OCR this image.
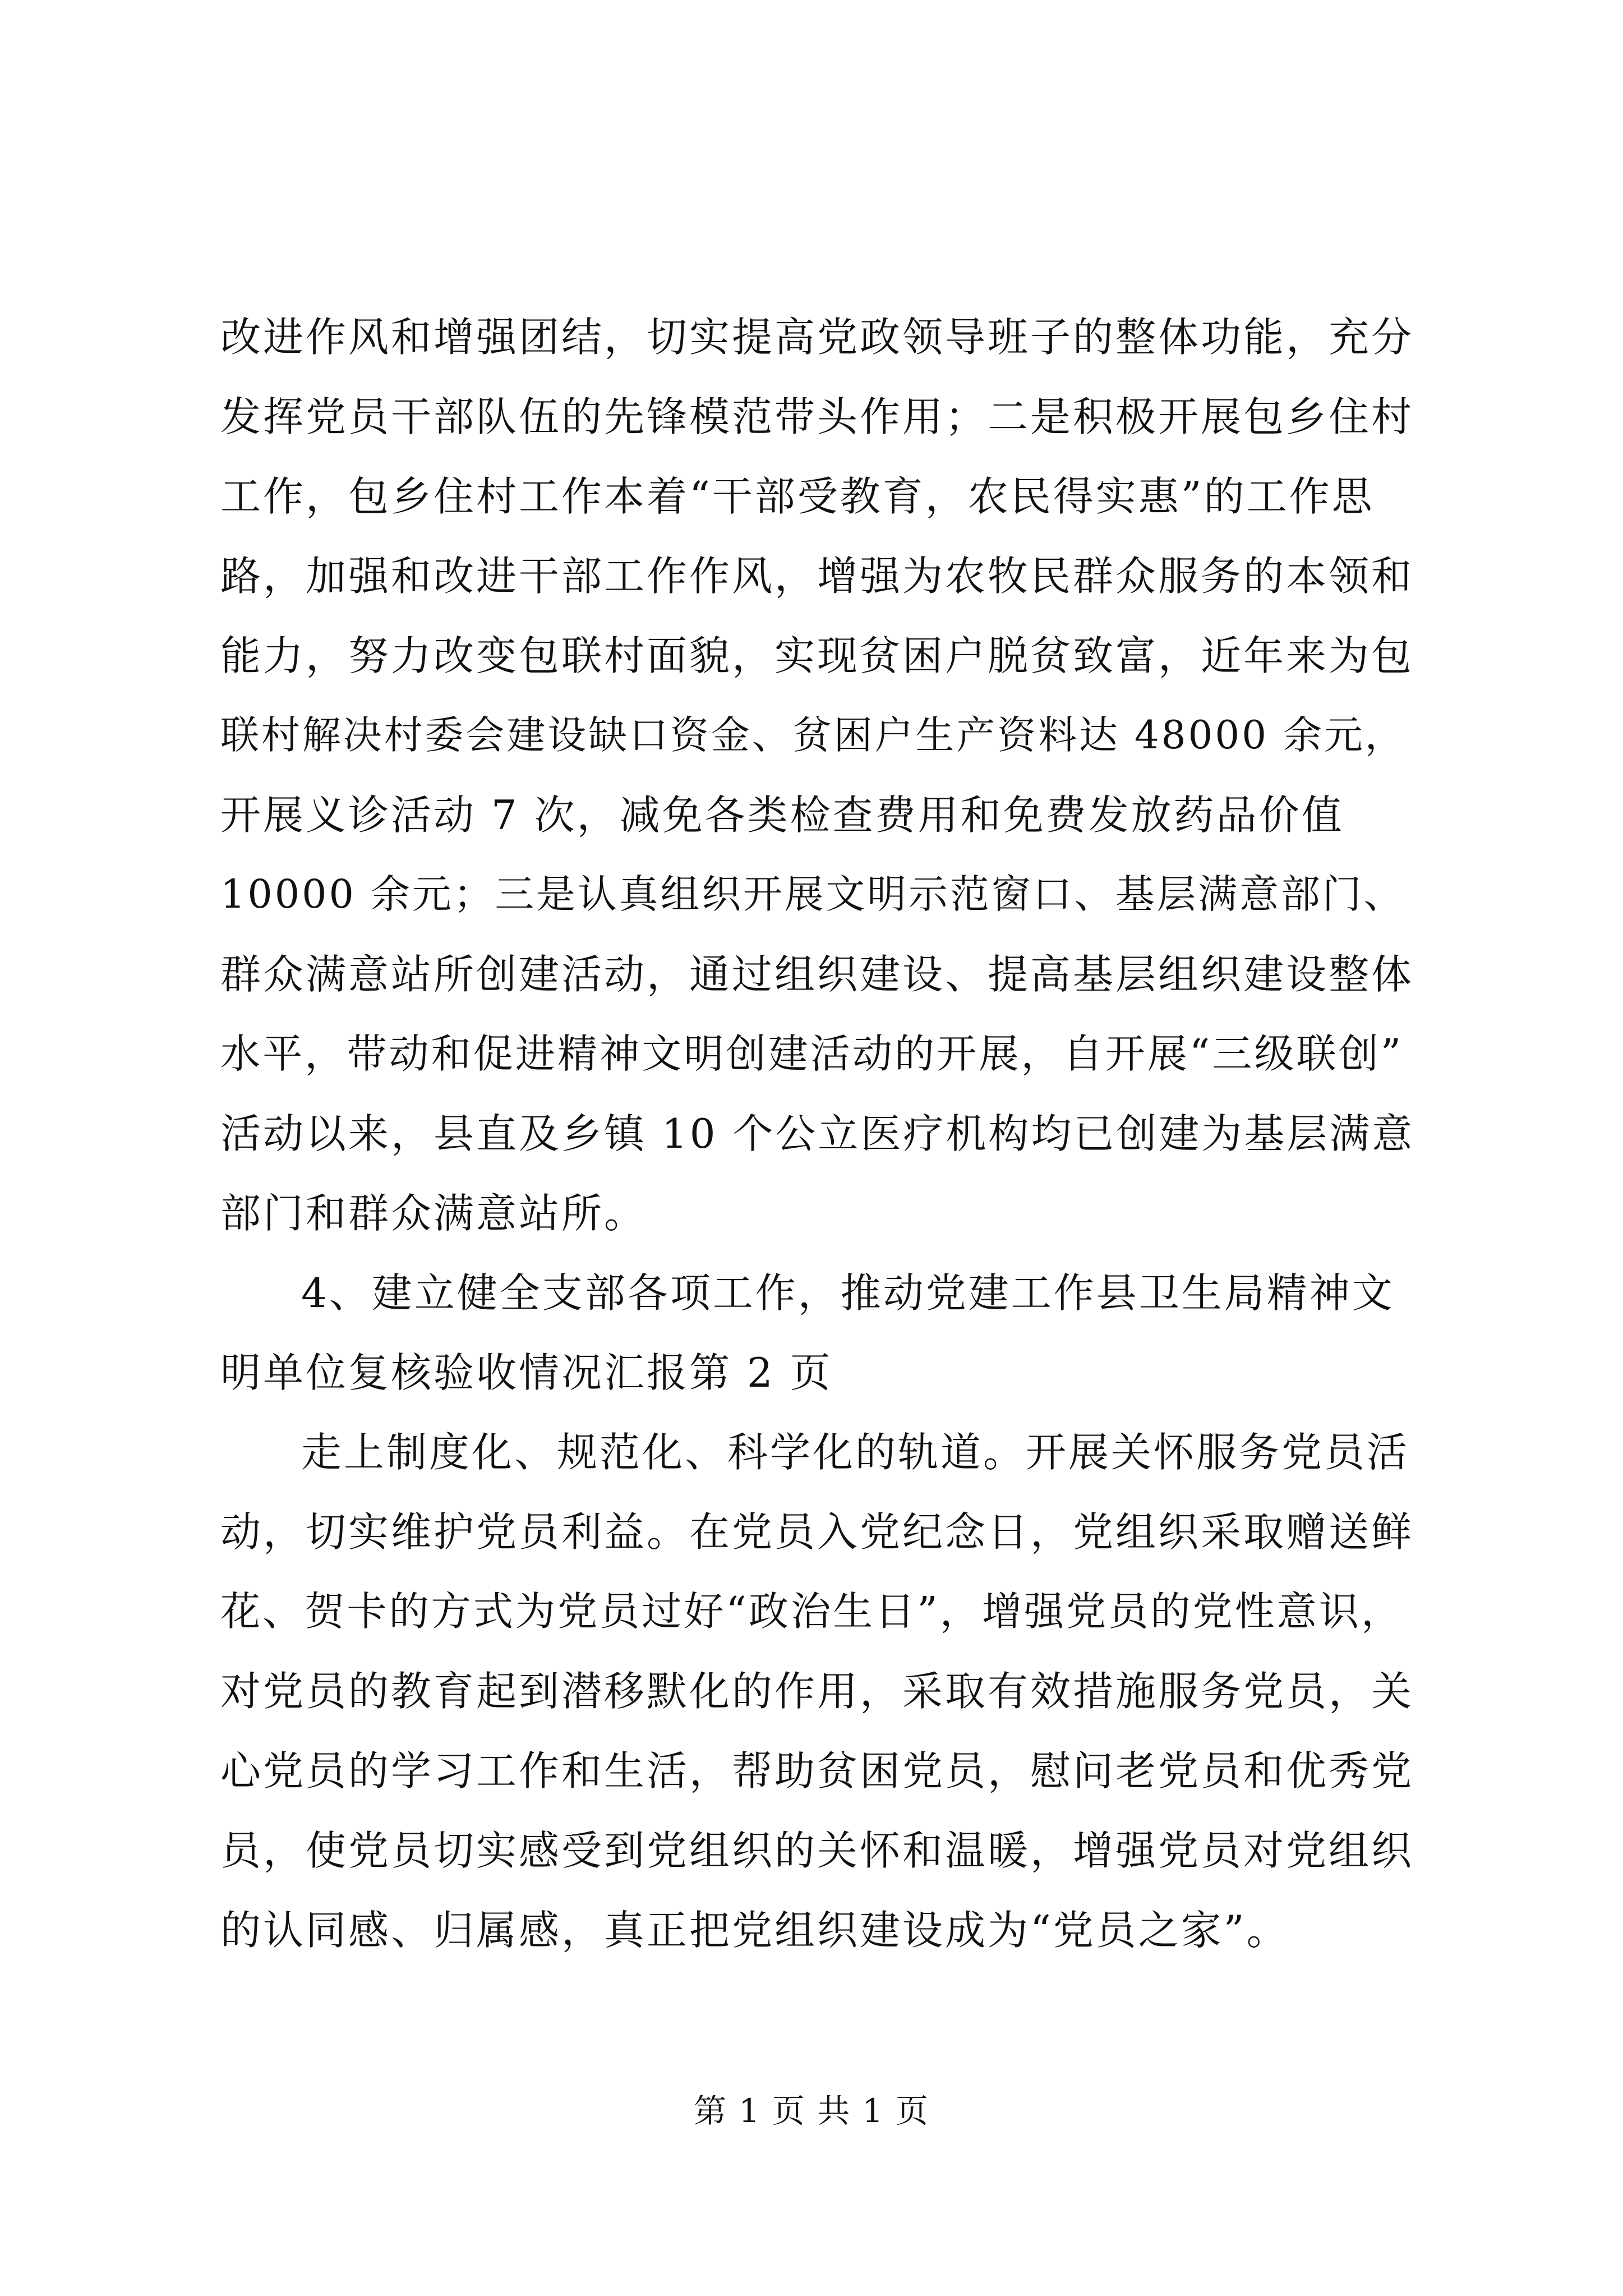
改进作风和增强团结，切实提高党政领导班子的整体功能，充分
发挥党员干部队伍的先锋模范带头作用；二是积极开展包乡住村
工作，包乡住村工作本着“干部受教育，农民得实惠”的工作思
路，加强和改进干部工作作风，增强为农牧民群众服务的本领和
能力，努力改变包联村面貌，实现贫困户脱贫致富，近年来为包
联村解决村委会建设缺口资金、贫困户生产资料达 48000 余元，
开展义诊活动 7 次，减免各类检查费用和免费发放药品价值
10000 余元；三是认真组织开展文明示范窗口、基层满意部门、
群众满意站所创建活动，通过组织建设、提高基层组织建设整体
水平，带动和促进精神文明创建活动的开展，自开展“三级联创”
活动以来，县直及乡镇 10 个公立医疗机构均已创建为基层满意
部门和群众满意站所。
4、建立健全支部各项工作，推动党建工作县卫生局精神文
明单位复核验收情况汇报第 2 页
走上制度化、规范化、科学化的轨道。开展关怀服务党员活
动，切实维护党员利益。在党员入党纪念日，党组织采取赠送鲜
花、贺卡的方式为党员过好“政治生日”，增强党员的党性意识，
对党员的教育起到潜移默化的作用，采取有效措施服务党员，关
心党员的学习工作和生活，帮助贫困党员，慰问老党员和优秀党
员，使党员切实感受到党组织的关怀和温暖，增强党员对党组织
的认同感、归属感，真正把党组织建设成为“党员之家”。
第 1 页 共 1 页
